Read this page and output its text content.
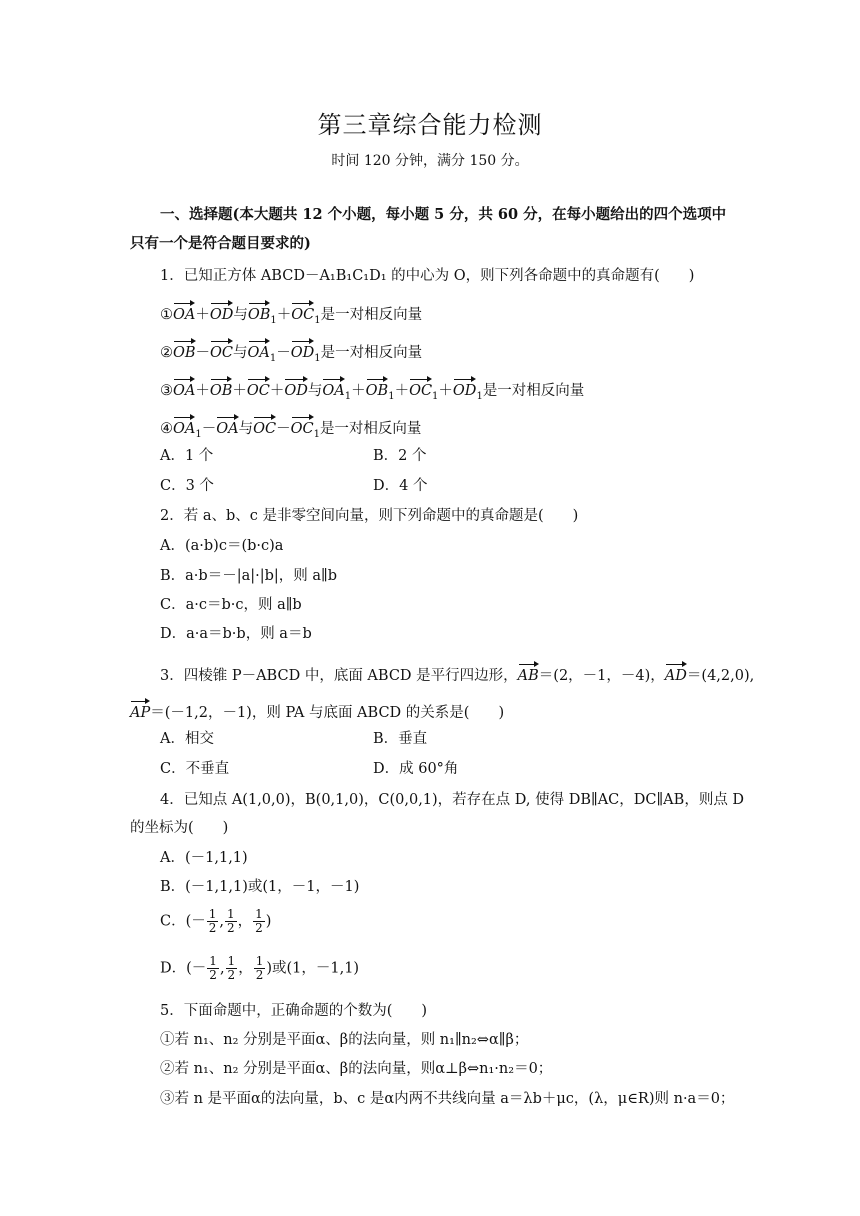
第三章综合能力检测
时间 120 分钟，满分 150 分。
一、选择题(本大题共 12 个小题，每小题 5 分，共 60 分，在每小题给出的四个选项中
只有一个是符合题目要求的)
1．已知正方体 ABCD－A₁B₁C₁D₁ 的中心为 O，则下列各命题中的真命题有(　　)
①OA＋OD与$OB_1+OC_1$是一对相反向量
②OB－OC与$OA_1-OD_1$是一对相反向量
③OA＋OB＋OC＋OD与$OA_1+OB_1+OC_1+OD_1$是一对相反向量
$④OA_1-OA$与$OC-OC_1$是一对相反向量
A．1 个	B．2 个
C．3 个	D．4 个
2．若 a、b、c 是非零空间向量，则下列命题中的真命题是(　　)
A．(a·b)c＝(b·c)a
B．a·b＝－|a|·|b|，则 a∥b
C．a·c＝b·c，则 a∥b
D．a·a＝b·b，则 a＝b
3．四棱锥 P－ABCD 中，底面 ABCD 是平行四边形，AB＝(2，－1，－4)，AD＝(4,2,0),
AP＝(－1,2，－1)，则 PA 与底面 ABCD 的关系是(　　)
A．相交	B．垂直
C．不垂直	D．成 60°角
4．已知点 A(1,0,0)，B(0,1,0)，C(0,0,1)，若存在点 D, 使得 DB∥AC，DC∥AB，则点 D
的坐标为(　　)
A．(－1,1,1)
B．(－1,1,1)或(1，－1，－1)
C．(－ $\frac{1}{2}$ , $\frac{1}{2}$ ， $\frac{1}{2}$ )
D．(－ $\frac{1}{2}$ , $\frac{1}{2}$ ， $\frac{1}{2}$ )或(1，－1,1)
5．下面命题中，正确命题的个数为(　　)
①若 n₁、n₂ 分别是平面α、β的法向量，则 n₁∥n₂⇔α∥β；
②若 n₁、n₂ 分别是平面α、β的法向量，则α⊥β⇔n₁·n₂＝0；
③若 n 是平面α的法向量，b、c 是α内两不共线向量 a＝λb＋μc，(λ，μ∈R)则 n·a＝0；
